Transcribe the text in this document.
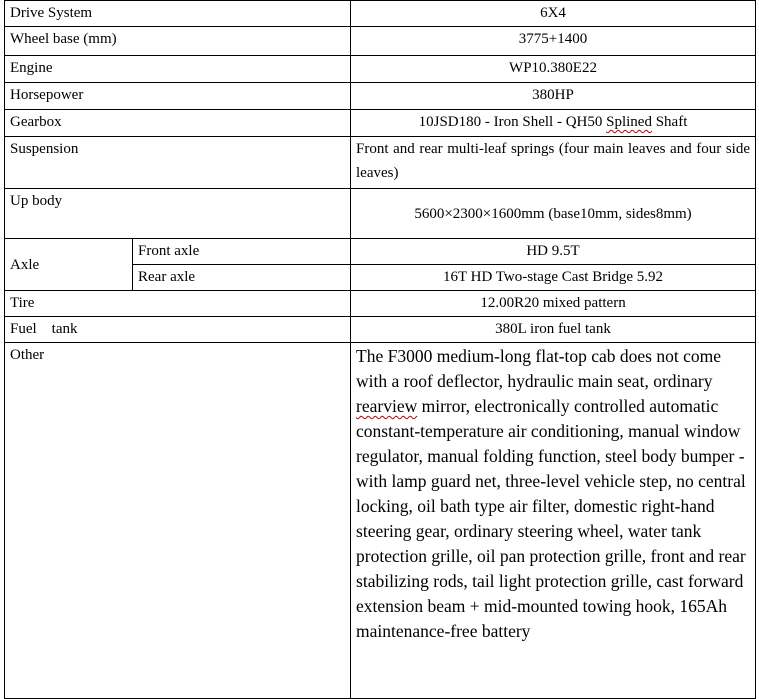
Drive System		6X4
Wheel base (mm)		3775+1400
Engine		WP10.380E22
Horsepower		380HP
Gearbox		10JSD180 - Iron Shell - QH50 Splined Shaft
Suspension		Front and rear multi-leaf springs (four main leaves and four side leaves)
Up body		5600×2300×1600mm (base10mm, sides8mm)
Axle	Front axle	HD 9.5T
	Rear axle	16T HD Two-stage Cast Bridge 5.92
Tire		12.00R20 mixed pattern
Fuel    tank		380L iron fuel tank
Other		The F3000 medium-long flat-top cab does not come with a roof deflector, hydraulic main seat, ordinary rearview mirror, electronically controlled automatic constant-temperature air conditioning, manual window regulator, manual folding function, steel body bumper - with lamp guard net, three-level vehicle step, no central locking, oil bath type air filter, domestic right-hand steering gear, ordinary steering wheel, water tank protection grille, oil pan protection grille, front and rear stabilizing rods, tail light protection grille, cast forward extension beam + mid-mounted towing hook, 165Ah maintenance-free battery
